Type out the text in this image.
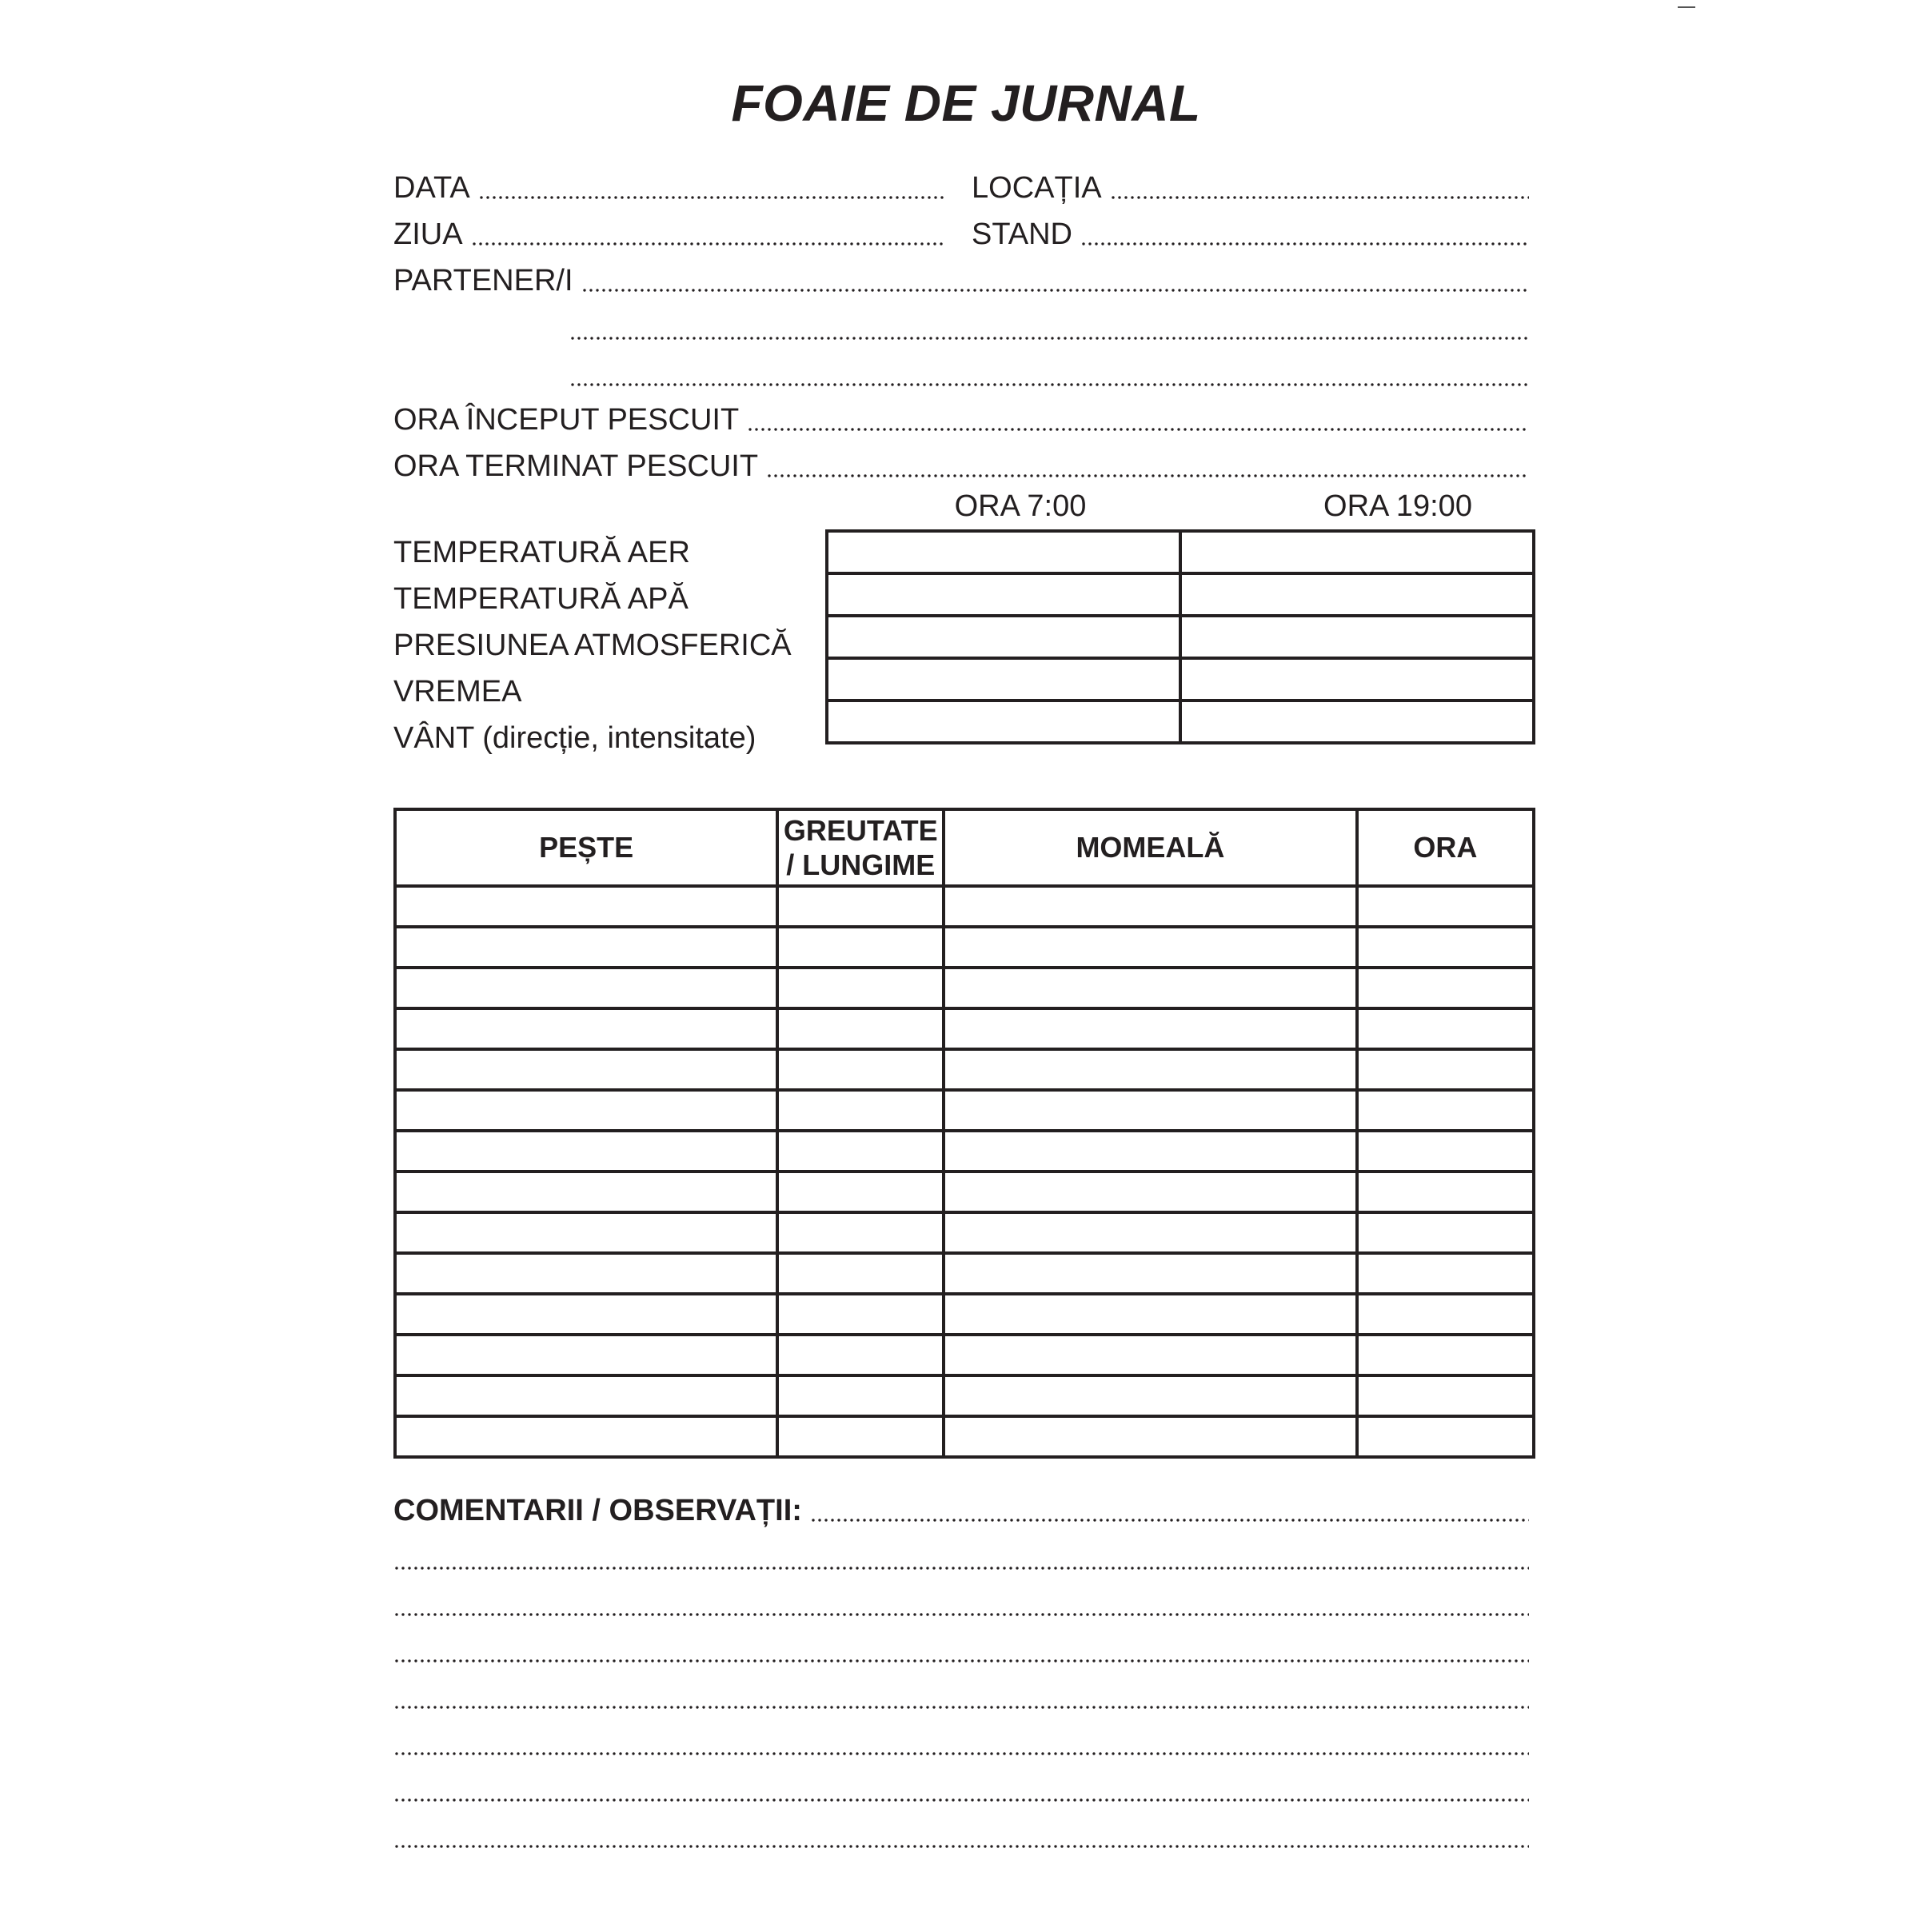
FOAIE DE JURNAL
DATA	LOCAȚIA
ZIUA	STAND
PARTENER/I
ORA ÎNCEPUT PESCUIT
ORA TERMINAT PESCUIT
ORA 7:00	ORA 19:00
TEMPERATURĂ AER
TEMPERATURĂ APĂ
PRESIUNEA ATMOSFERICĂ
VREMEA
VÂNT (direcție, intensitate)

PEȘTE	GREUTATE / LUNGIME	MOMEALĂ	ORA

COMENTARII / OBSERVAȚII:
